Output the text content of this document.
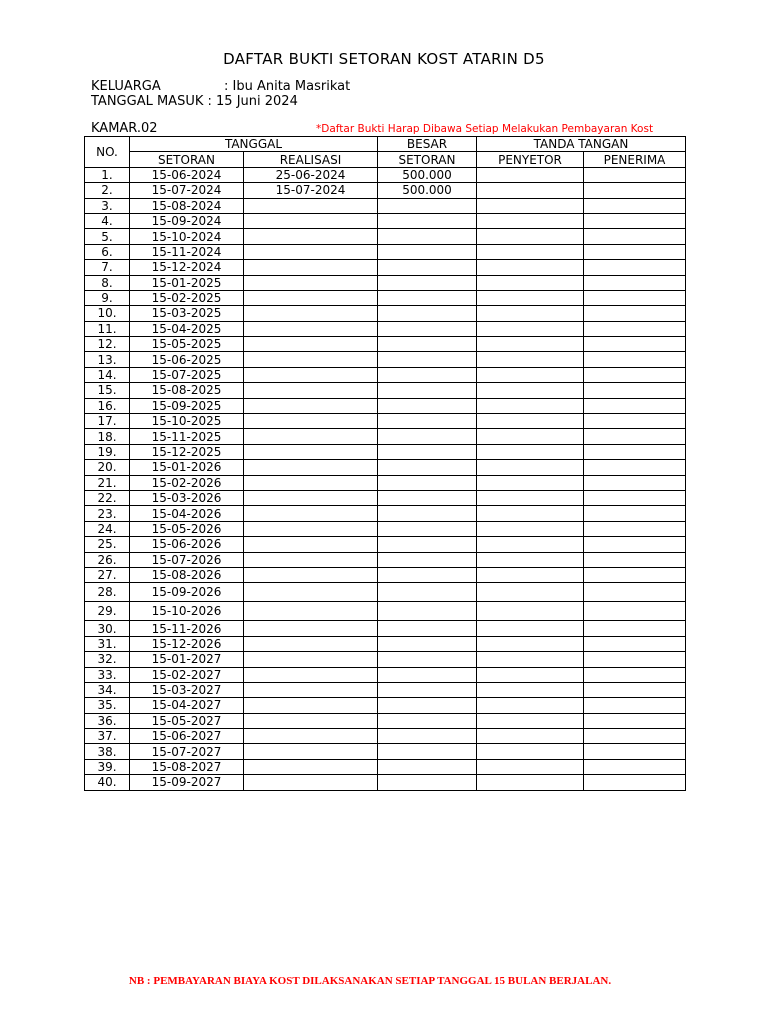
DAFTAR BUKTI SETORAN KOST ATARIN D5
KELUARGA	: Ibu Anita Masrikat
TANGGAL MASUK : 15 Juni 2024
KAMAR.02	*Daftar Bukti Harap Dibawa Setiap Melakukan Pembayaran Kost
NO.	TANGGAL		BESAR	TANDA TANGAN	
	SETORAN	REALISASI	SETORAN	PENYETOR	PENERIMA
1.	15-06-2024	25-06-2024	500.000		
2.	15-07-2024	15-07-2024	500.000		
3.	15-08-2024				
4.	15-09-2024				
5.	15-10-2024				
6.	15-11-2024				
7.	15-12-2024				
8.	15-01-2025				
9.	15-02-2025				
10.	15-03-2025				
11.	15-04-2025				
12.	15-05-2025				
13.	15-06-2025				
14.	15-07-2025				
15.	15-08-2025				
16.	15-09-2025				
17.	15-10-2025				
18.	15-11-2025				
19.	15-12-2025				
20.	15-01-2026				
21.	15-02-2026				
22.	15-03-2026				
23.	15-04-2026				
24.	15-05-2026				
25.	15-06-2026				
26.	15-07-2026				
27.	15-08-2026				
28.	15-09-2026				
29.	15-10-2026				
30.	15-11-2026				
31.	15-12-2026				
32.	15-01-2027				
33.	15-02-2027				
34.	15-03-2027				
35.	15-04-2027				
36.	15-05-2027				
37.	15-06-2027				
38.	15-07-2027				
39.	15-08-2027				
40.	15-09-2027				
NB : PEMBAYARAN BIAYA KOST DILAKSANAKAN SETIAP TANGGAL 15 BULAN BERJALAN.
